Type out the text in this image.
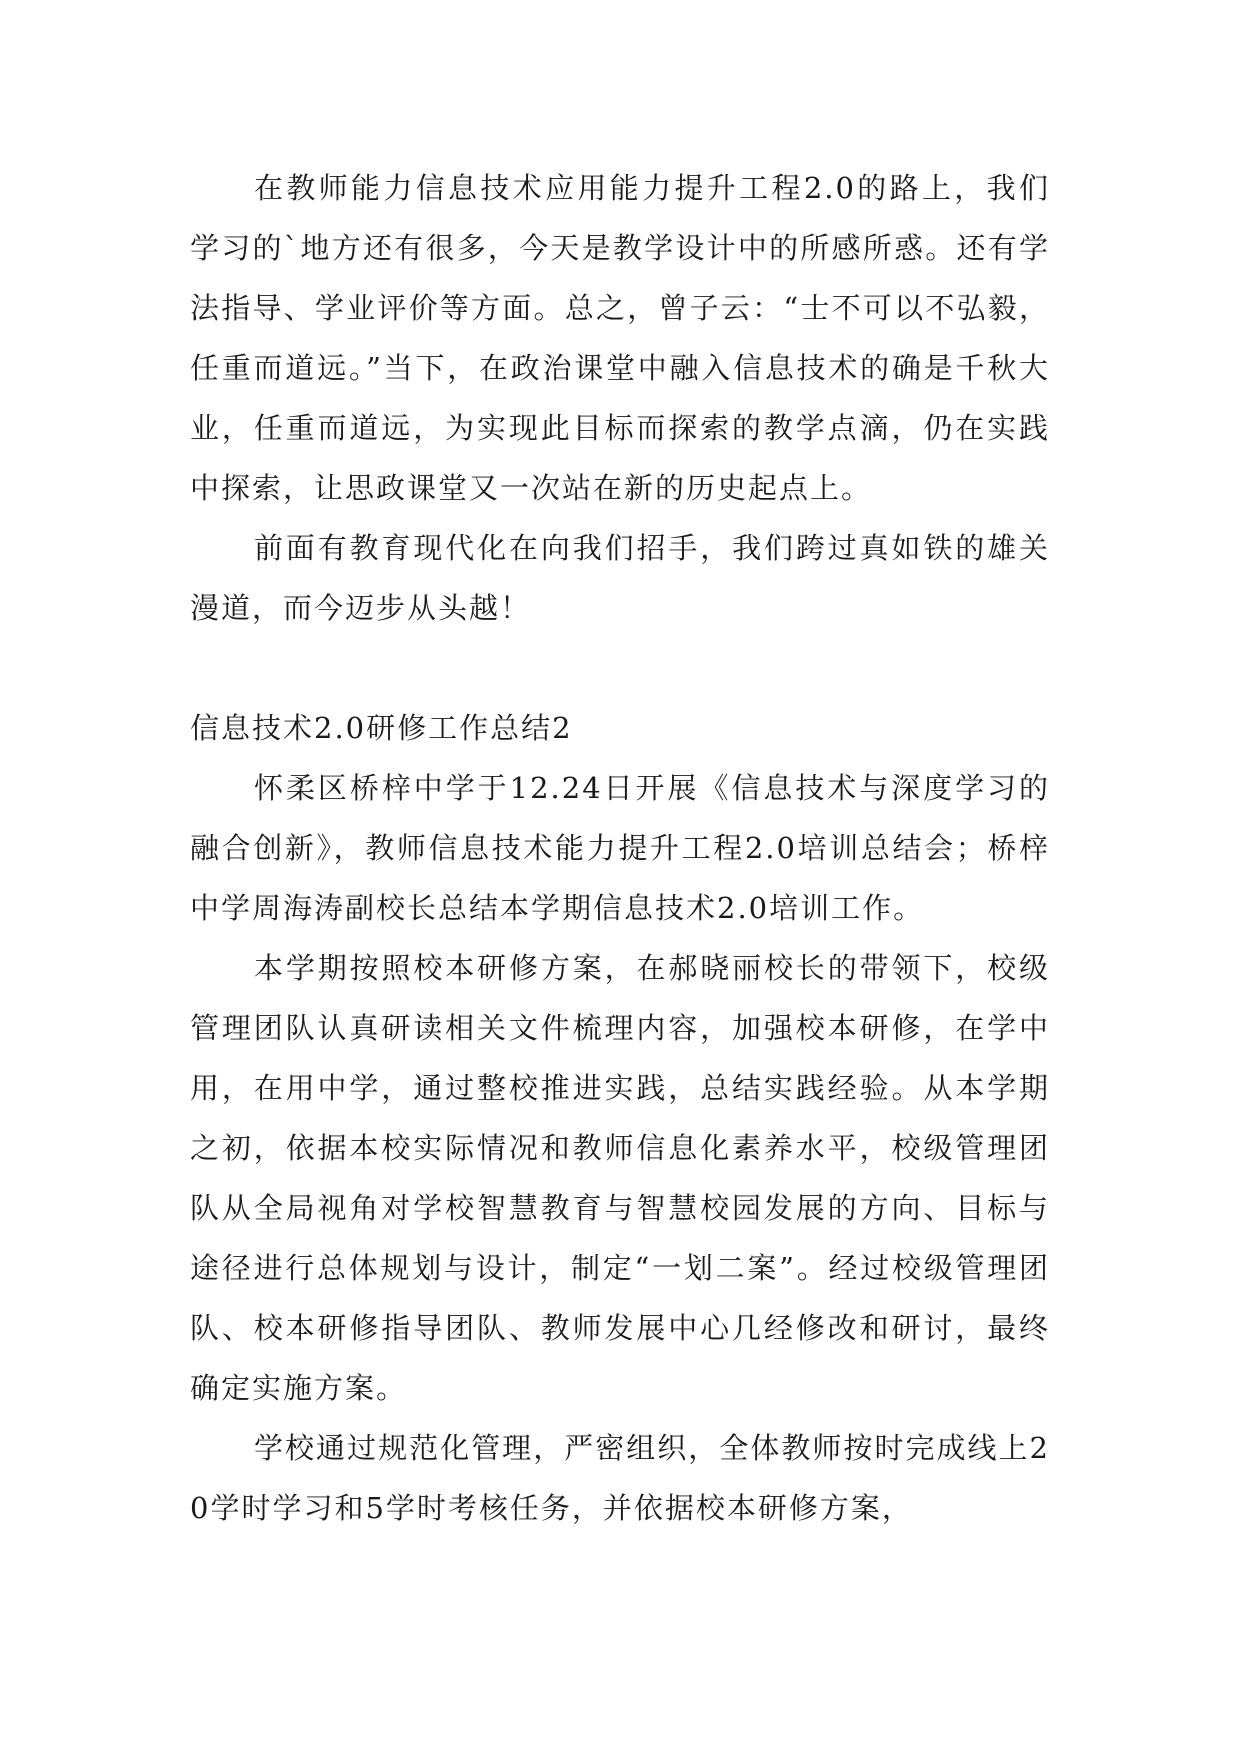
在教师能力信息技术应用能力提升工程2.0的路上，我们学习的`地方还有很多，今天是教学设计中的所感所惑。还有学法指导、学业评价等方面。总之，曾子云：“士不可以不弘毅，任重而道远。”当下，在政治课堂中融入信息技术的确是千秋大业，任重而道远，为实现此目标而探索的教学点滴，仍在实践中探索，让思政课堂又一次站在新的历史起点上。

前面有教育现代化在向我们招手，我们跨过真如铁的雄关漫道，而今迈步从头越！

信息技术2.0研修工作总结2

怀柔区桥梓中学于12.24日开展《信息技术与深度学习的融合创新》，教师信息技术能力提升工程2.0培训总结会；桥梓中学周海涛副校长总结本学期信息技术2.0培训工作。

本学期按照校本研修方案，在郝晓丽校长的带领下，校级管理团队认真研读相关文件梳理内容，加强校本研修，在学中用，在用中学，通过整校推进实践，总结实践经验。从本学期之初，依据本校实际情况和教师信息化素养水平，校级管理团队从全局视角对学校智慧教育与智慧校园发展的方向、目标与途径进行总体规划与设计，制定“一划二案”。经过校级管理团队、校本研修指导团队、教师发展中心几经修改和研讨，最终确定实施方案。

学校通过规范化管理，严密组织，全体教师按时完成线上20学时学习和5学时考核任务，并依据校本研修方案，
